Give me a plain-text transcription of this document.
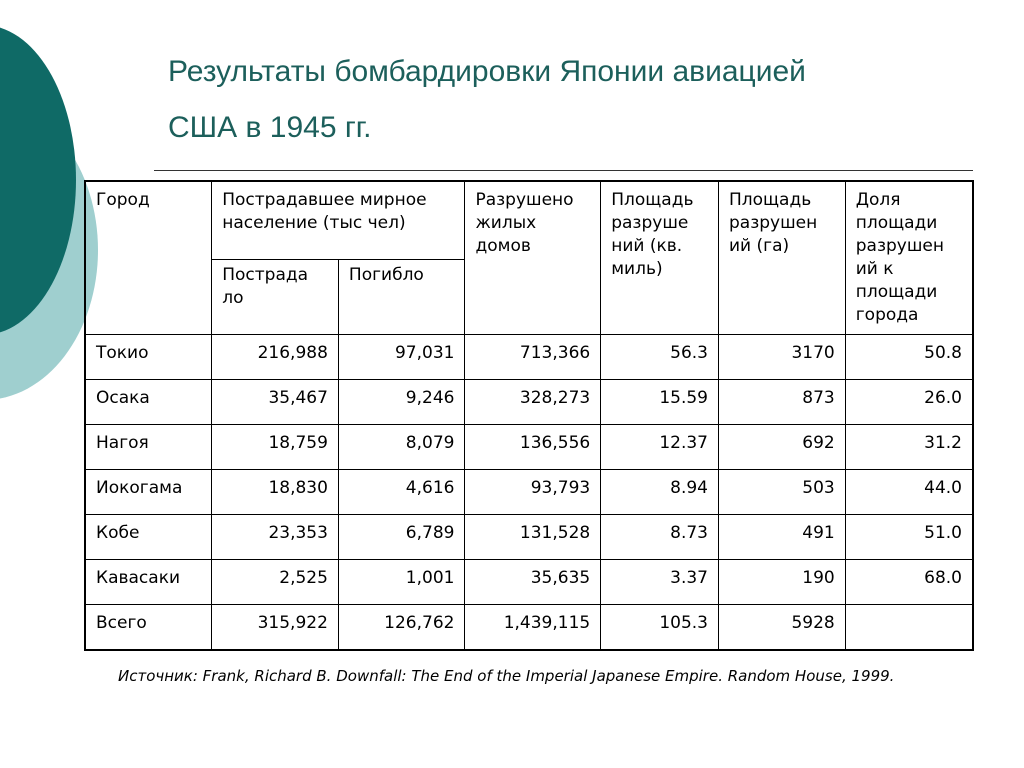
Результаты бомбардировки Японии авиацией
США в 1945 гг.
Город	Пострадавшее мирное население (тыс чел)		Разрушено жилых домов	Площадь разруше ний (кв. миль)	Площадь разрушен ий (га)	Доля площади разрушен ий к площади города
	Пострада ло	Погибло				
Токио	216,988	97,031	713,366	56.3	3170	50.8
Осака	35,467	9,246	328,273	15.59	873	26.0
Нагоя	18,759	8,079	136,556	12.37	692	31.2
Иокогама	18,830	4,616	93,793	8.94	503	44.0
Кобе	23,353	6,789	131,528	8.73	491	51.0
Кавасаки	2,525	1,001	35,635	3.37	190	68.0
Всего	315,922	126,762	1,439,115	105.3	5928	
Источник: Frank, Richard B. Downfall: The End of the Imperial Japanese Empire. Random House, 1999.
